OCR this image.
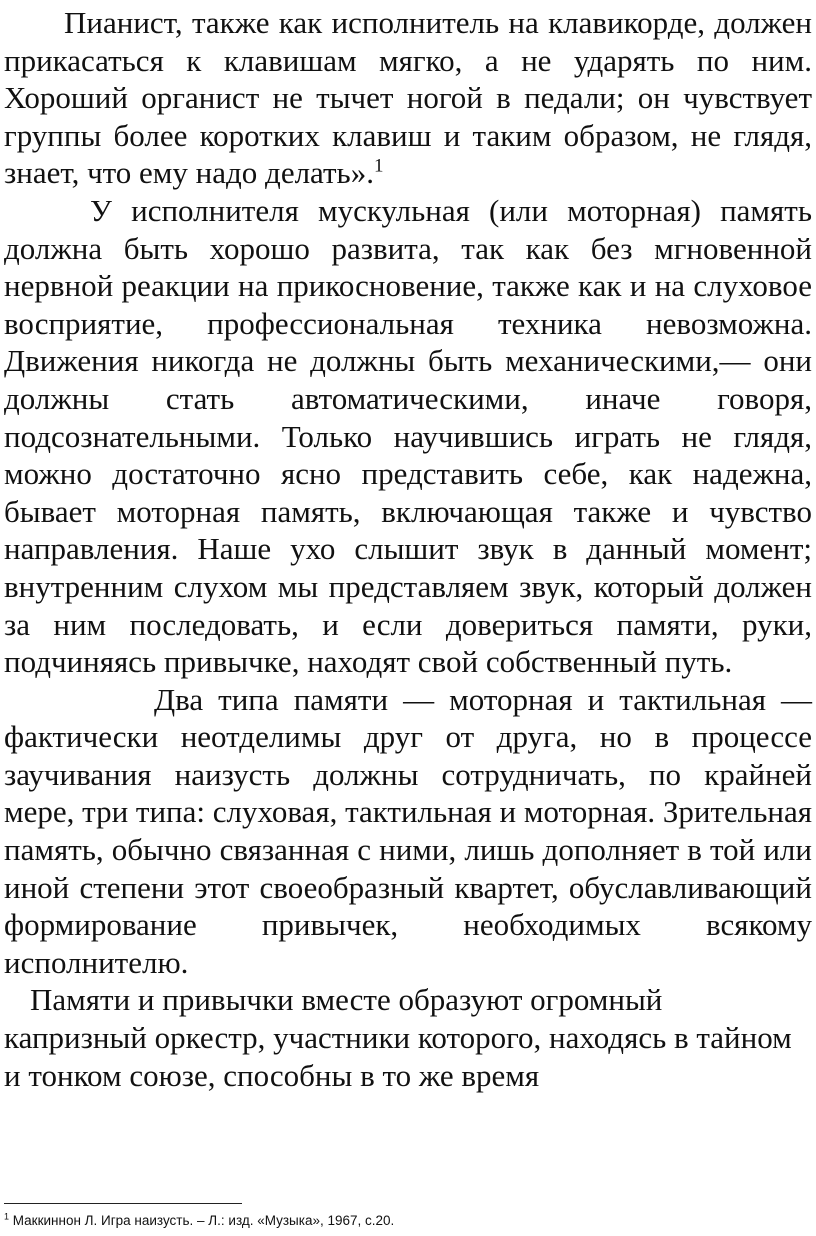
Пианист, также как исполнитель на клавикорде, должен прикасаться к клавишам мягко, а не ударять по ним. Хороший органист не тычет ногой в педали; он чувствует группы более коротких клавиш и таким образом, не глядя, знает, что ему надо делать».$^1$

У исполнителя мускульная (или моторная) память должна быть хорошо развита, так как без мгновенной нервной реакции на прикосновение, также как и на слуховое восприятие, профессиональная техника невозможна. Движения никогда не должны быть механическими,— они должны стать автоматическими, иначе говоря, подсознательными. Только научившись играть не глядя, можно достаточно ясно представить себе, как надежна, бывает моторная память, включающая также и чувство направления. Наше ухо слышит звук в данный момент; внутренним слухом мы представляем звук, который должен за ним последовать, и если довериться памяти, руки, подчиняясь привычке, находят свой собственный путь.

Два типа памяти — моторная и тактильная — фактически неотделимы друг от друга, но в процессе заучивания наизусть должны сотрудничать, по крайней мере, три типа: слуховая, тактильная и моторная. Зрительная память, обычно связанная с ними, лишь дополняет в той или иной степени этот своеобразный квартет, обуславливающий формирование привычек, необходимых всякому исполнителю.

Памяти и привычки вместе образуют огромный капризный оркестр, участники которого, находясь в тайном и тонком союзе, способны в то же время

$^1$ Маккиннон Л. Игра наизусть. – Л.: изд. «Музыка», 1967, с.20.
